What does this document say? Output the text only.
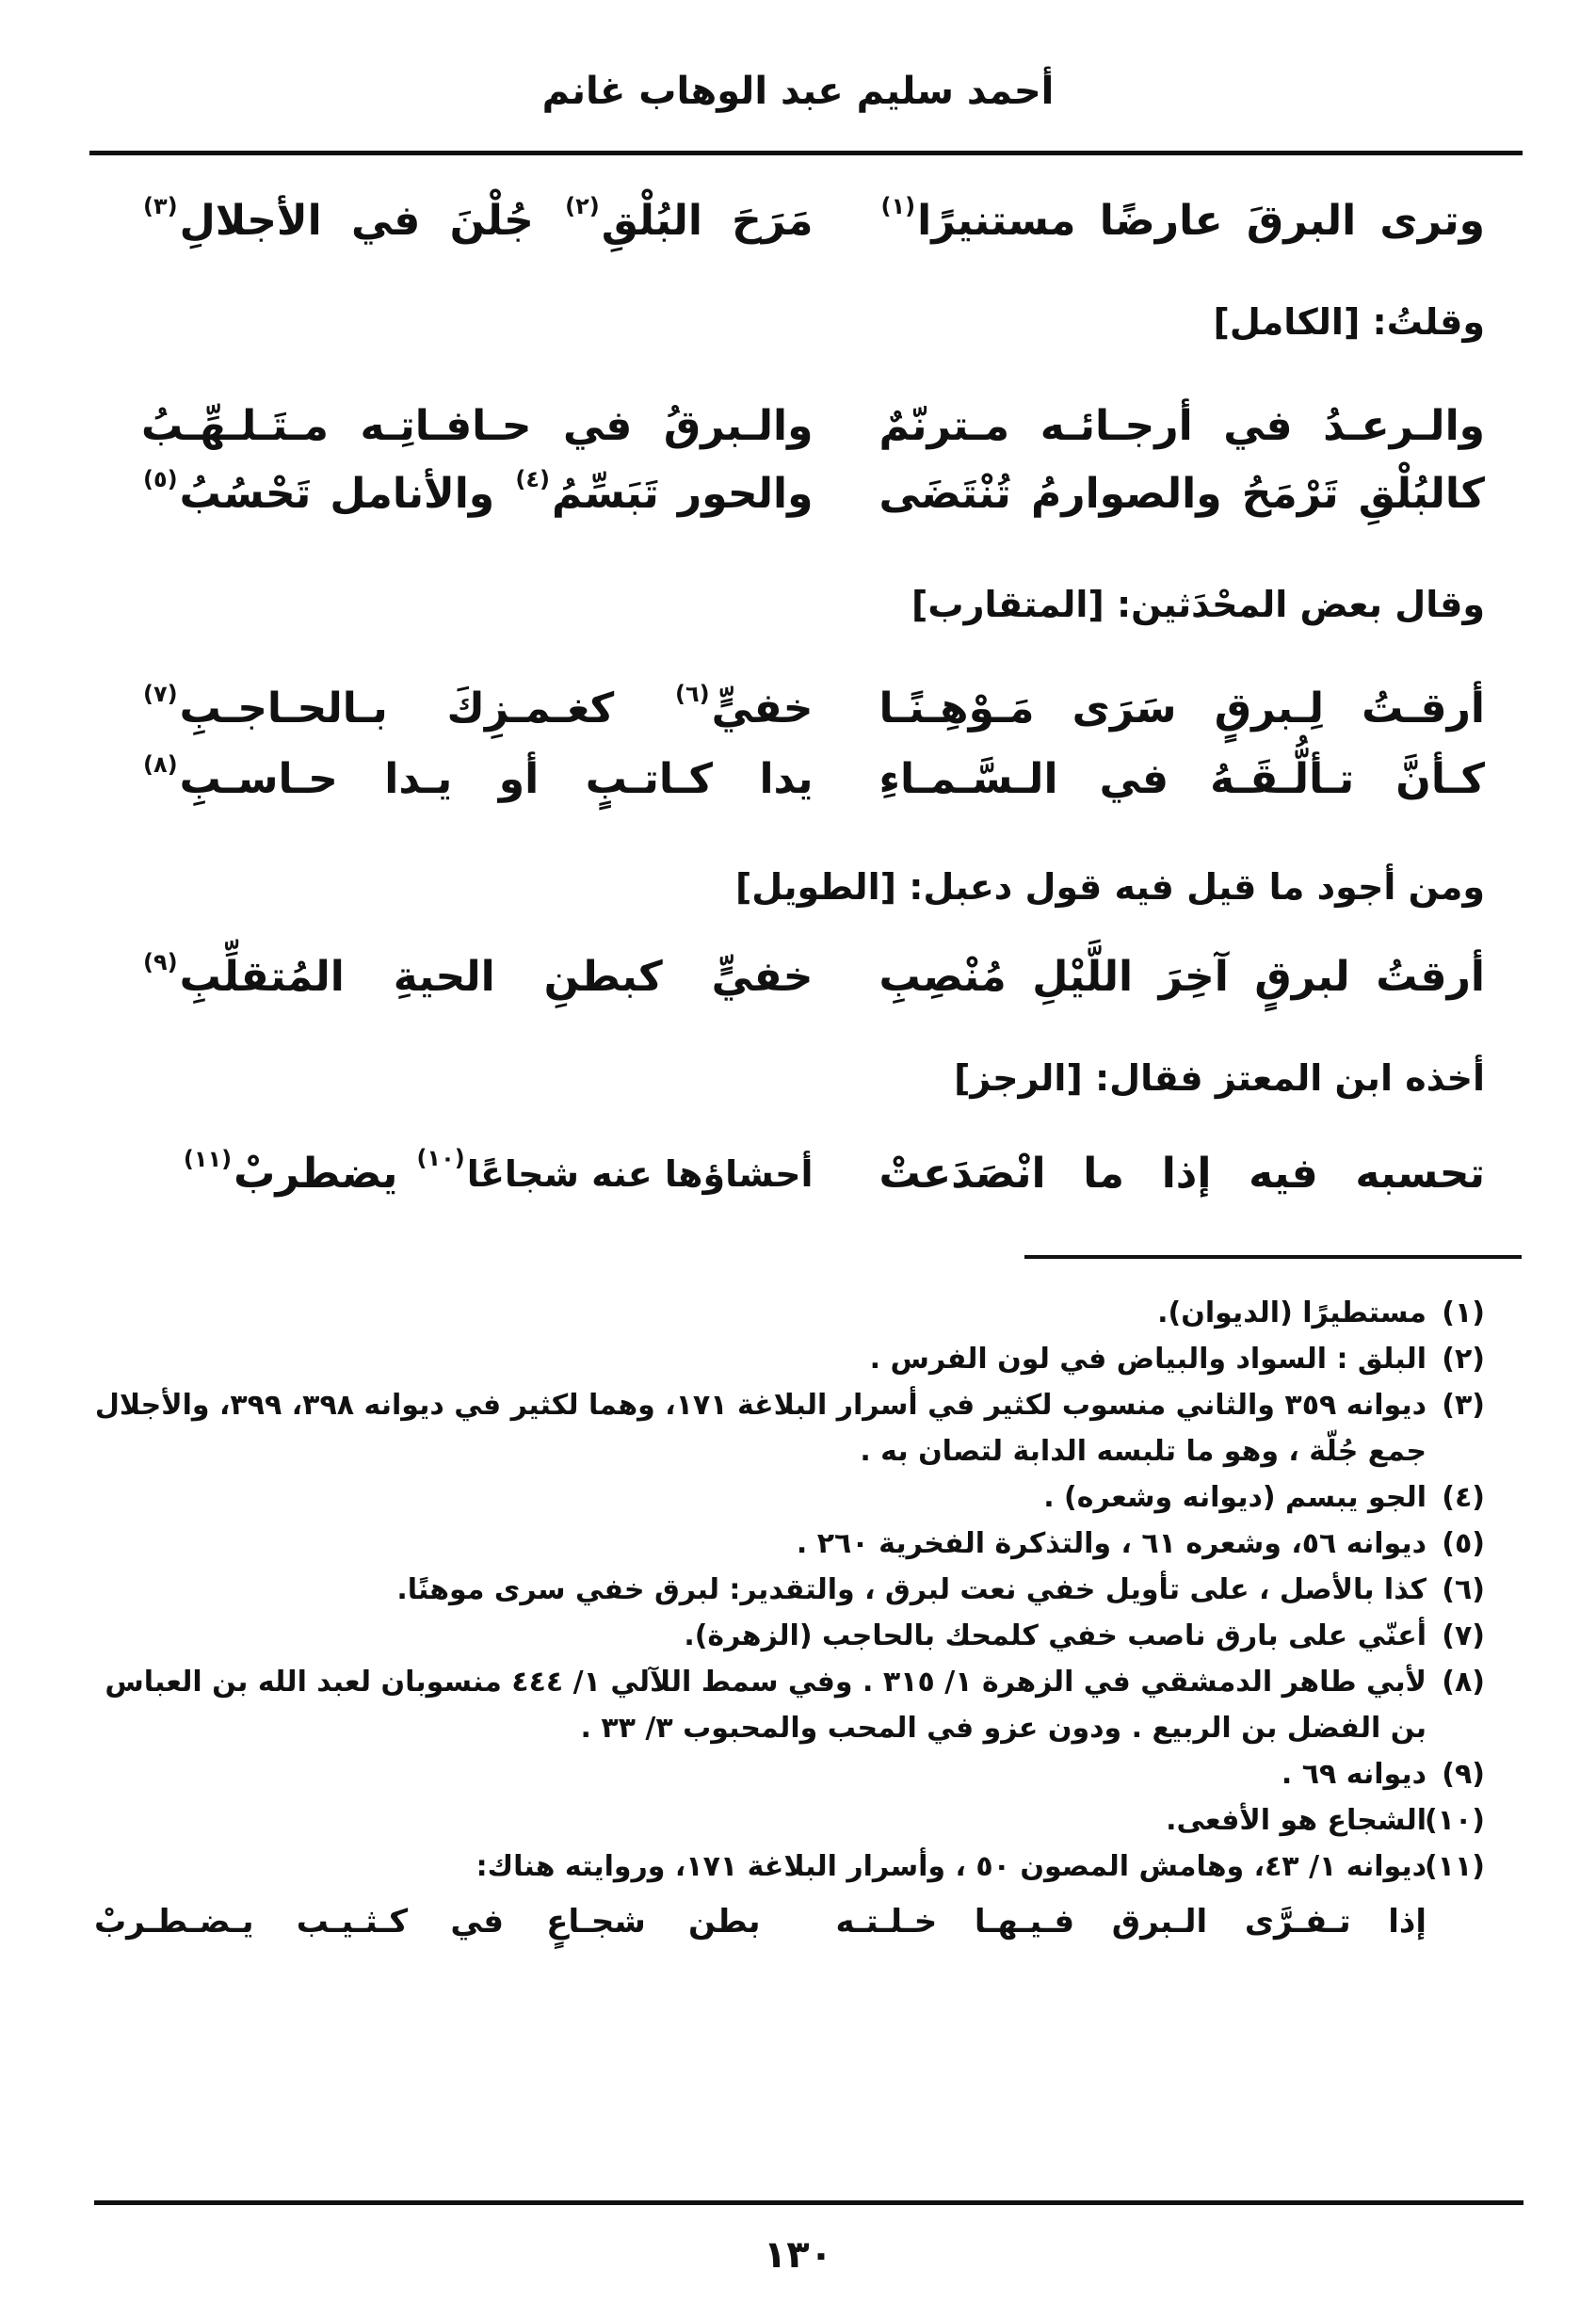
أحمد سليم عبد الوهاب غانم
وترى
البرقَ
عارضًا
مستنيرًا$^{(١)}$
مَرَحَ
البُلْقِ$^{(٢)}$
جُلْنَ
في
الأجلالِ$^{(٣)}$
وقلتُ: [الكامل]
والـرعـدُ
في
أرجـائـه
مـترنّمٌ
والـبرقُ
في
حـافـاتِـه
مـتَـلـهِّـبُ
كالبُلْقِ
تَرْمَحُ
والصوارمُ
تُنْتَضَى
والحور
تَبَسِّمُ$^{(٤)}$
والأنامل
تَحْسُبُ$^{(٥)}$
وقال بعض المحْدَثين: [المتقارب]
أرقـتُ
لِـبرقٍ
سَرَى
مَـوْهِـنًـا
خفيٍّ$^{(٦)}$
كغـمـزِكَ
بـالحـاجـبِ$^{(٧)}$
كـأنَّ
تـألُّـقَـهُ
في
الـسَّـمـاءِ
يدا
كـاتـبٍ
أو
يـدا
حـاسـبِ$^{(٨)}$
ومن أجود ما قيل فيه قول دعبل: [الطويل]
أرقتُ
لبرقٍ
آخِرَ
اللَّيْلِ
مُنْصِبِ
خفيٍّ
كبطنِ
الحيةِ
المُتقلِّبِ$^{(٩)}$
أخذه ابن المعتز فقال: [الرجز]
تحسبه
فيه
إذا
ما
انْصَدَعتْ
أحشاؤها عنه شجاعًا$^{(١٠)}$
يضطربْ$^{(١١)}$
(١)
مستطيرًا (الديوان).
(٢)
البلق : السواد والبياض في لون الفرس .
(٣)
ديوانه ٣٥٩ والثاني منسوب لكثير في أسرار البلاغة ١٧١، وهما لكثير في ديوانه ٣٩٨، ٣٩٩، والأجلال جمع جُلّة ، وهو ما تلبسه الدابة لتصان به .
(٤)
الجو يبسم (ديوانه وشعره) .
(٥)
ديوانه ٥٦، وشعره ٦١ ، والتذكرة الفخرية ٢٦٠ .
(٦)
كذا بالأصل ، على تأويل خفي نعت لبرق ، والتقدير: لبرق خفي سرى موهنًا.
(٧)
أعنّي على بارق ناصب خفي كلمحك بالحاجب (الزهرة).
(٨)
لأبي طاهر الدمشقي في الزهرة ١/ ٣١٥ . وفي سمط اللآلي ١/ ٤٤٤ منسوبان لعبد الله بن العباس بن الفضل بن الربيع . ودون عزو في المحب والمحبوب ٣/ ٣٣ .
(٩)
ديوانه ٦٩ .
(١٠)
الشجاع هو الأفعى.
(١١)
ديوانه ١/ ٤٣، وهامش المصون ٥٠ ، وأسرار البلاغة ١٧١، وروايته هناك:
إذا
تـفـرَّى
الـبرق
فـيـهـا
خـلـتـه
بطن
شجـاعٍ
في
كـثـيـب
يـضـطـربْ
١٣٠
